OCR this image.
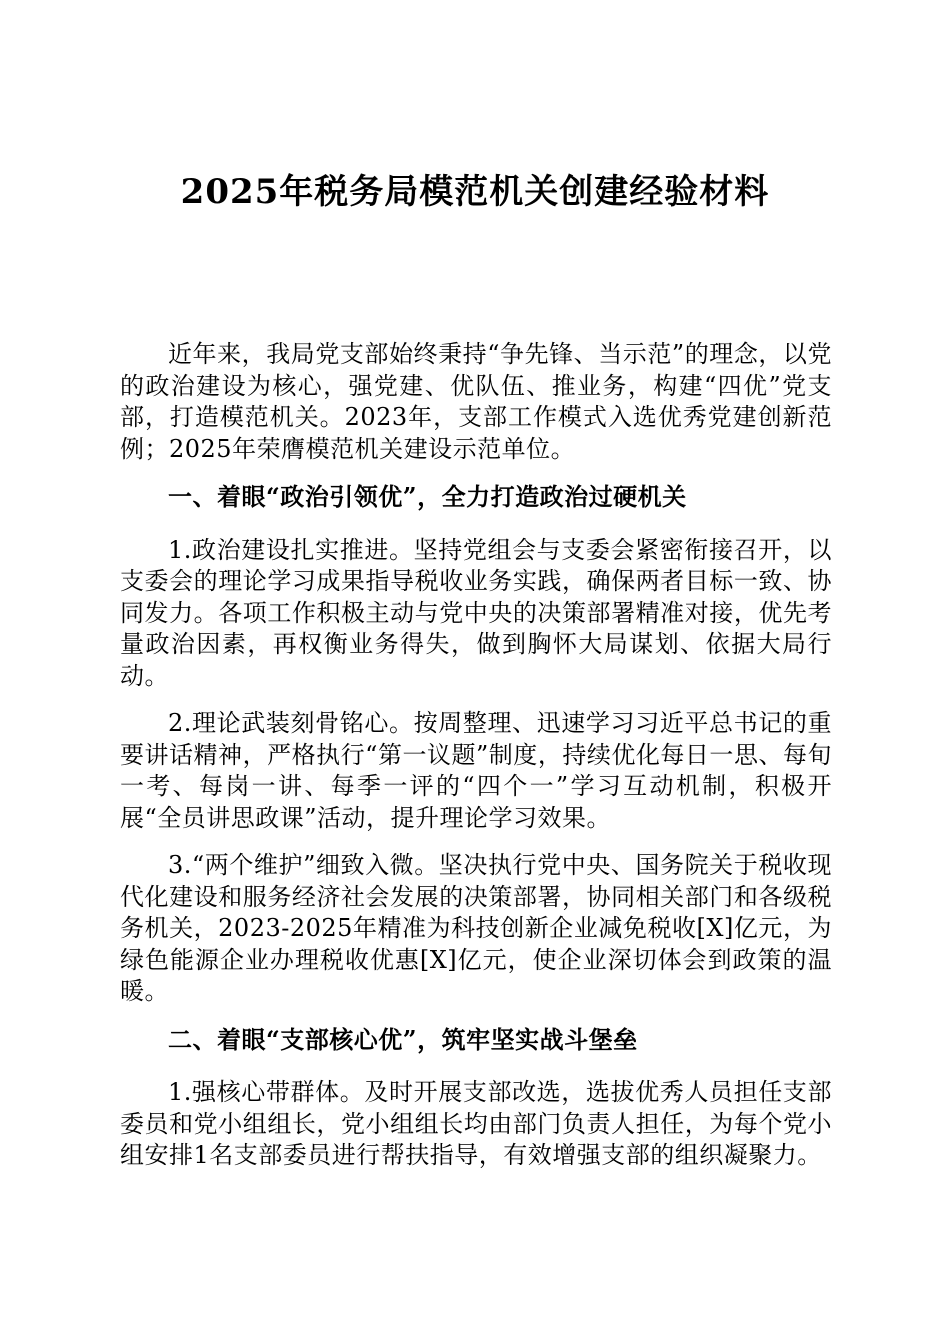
2025年税务局模范机关创建经验材料

近年来，我局党支部始终秉持“争先锋、当示范”的理念，以党的政治建设为核心，强党建、优队伍、推业务，构建“四优”党支部，打造模范机关。2023年，支部工作模式入选优秀党建创新范例；2025年荣膺模范机关建设示范单位。

一、着眼“政治引领优”，全力打造政治过硬机关

1.政治建设扎实推进。坚持党组会与支委会紧密衔接召开，以支委会的理论学习成果指导税收业务实践，确保两者目标一致、协同发力。各项工作积极主动与党中央的决策部署精准对接，优先考量政治因素，再权衡业务得失，做到胸怀大局谋划、依据大局行动。

2.理论武装刻骨铭心。按周整理、迅速学习习近平总书记的重要讲话精神，严格执行“第一议题”制度，持续优化每日一思、每旬一考、每岗一讲、每季一评的“四个一”学习互动机制，积极开展“全员讲思政课”活动，提升理论学习效果。

3.“两个维护”细致入微。坚决执行党中央、国务院关于税收现代化建设和服务经济社会发展的决策部署，协同相关部门和各级税务机关，2023-2025年精准为科技创新企业减免税收[X]亿元，为绿色能源企业办理税收优惠[X]亿元，使企业深切体会到政策的温暖。

二、着眼“支部核心优”，筑牢坚实战斗堡垒

1.强核心带群体。及时开展支部改选，选拔优秀人员担任支部委员和党小组组长，党小组组长均由部门负责人担任，为每个党小组安排1名支部委员进行帮扶指导，有效增强支部的组织凝聚力。
